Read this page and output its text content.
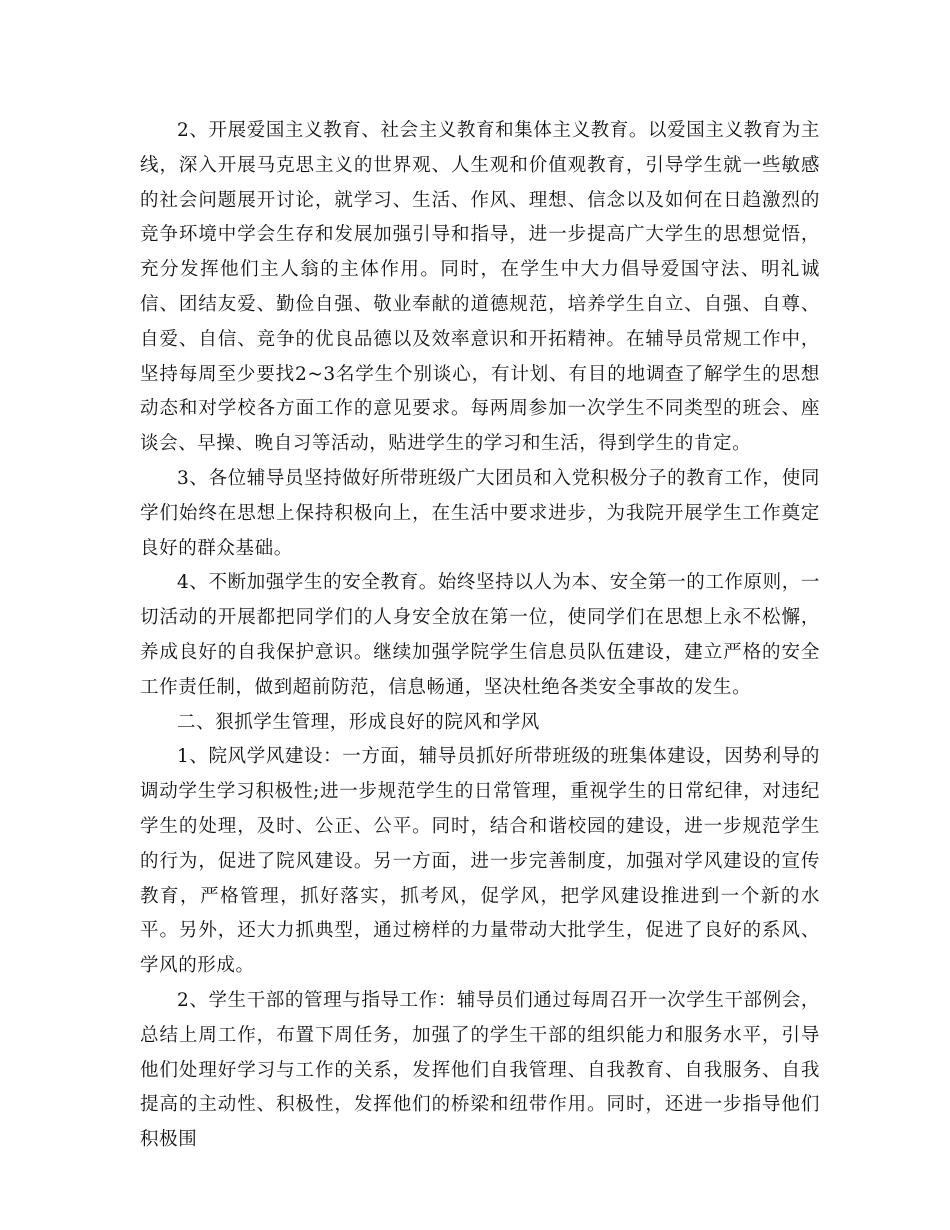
2、开展爱国主义教育、社会主义教育和集体主义教育。以爱国主义教育为主线，深入开展马克思主义的世界观、人生观和价值观教育，引导学生就一些敏感的社会问题展开讨论，就学习、生活、作风、理想、信念以及如何在日趋激烈的竞争环境中学会生存和发展加强引导和指导，进一步提高广大学生的思想觉悟，充分发挥他们主人翁的主体作用。同时，在学生中大力倡导爱国守法、明礼诚信、团结友爱、勤俭自强、敬业奉献的道德规范，培养学生自立、自强、自尊、自爱、自信、竞争的优良品德以及效率意识和开拓精神。在辅导员常规工作中，坚持每周至少要找2~3名学生个别谈心，有计划、有目的地调查了解学生的思想动态和对学校各方面工作的意见要求。每两周参加一次学生不同类型的班会、座谈会、早操、晚自习等活动，贴进学生的学习和生活，得到学生的肯定。

3、各位辅导员坚持做好所带班级广大团员和入党积极分子的教育工作，使同学们始终在思想上保持积极向上，在生活中要求进步，为我院开展学生工作奠定良好的群众基础。

4、不断加强学生的安全教育。始终坚持以人为本、安全第一的工作原则，一切活动的开展都把同学们的人身安全放在第一位，使同学们在思想上永不松懈，养成良好的自我保护意识。继续加强学院学生信息员队伍建设，建立严格的安全工作责任制，做到超前防范，信息畅通，坚决杜绝各类安全事故的发生。

二、狠抓学生管理，形成良好的院风和学风

1、院风学风建设：一方面，辅导员抓好所带班级的班集体建设，因势利导的调动学生学习积极性;进一步规范学生的日常管理，重视学生的日常纪律，对违纪学生的处理，及时、公正、公平。同时，结合和谐校园的建设，进一步规范学生的行为，促进了院风建设。另一方面，进一步完善制度，加强对学风建设的宣传教育，严格管理，抓好落实，抓考风，促学风，把学风建设推进到一个新的水平。另外，还大力抓典型，通过榜样的力量带动大批学生，促进了良好的系风、学风的形成。

2、学生干部的管理与指导工作：辅导员们通过每周召开一次学生干部例会，总结上周工作，布置下周任务，加强了的学生干部的组织能力和服务水平，引导他们处理好学习与工作的关系，发挥他们自我管理、自我教育、自我服务、自我提高的主动性、积极性，发挥他们的桥梁和纽带作用。同时，还进一步指导他们积极围
